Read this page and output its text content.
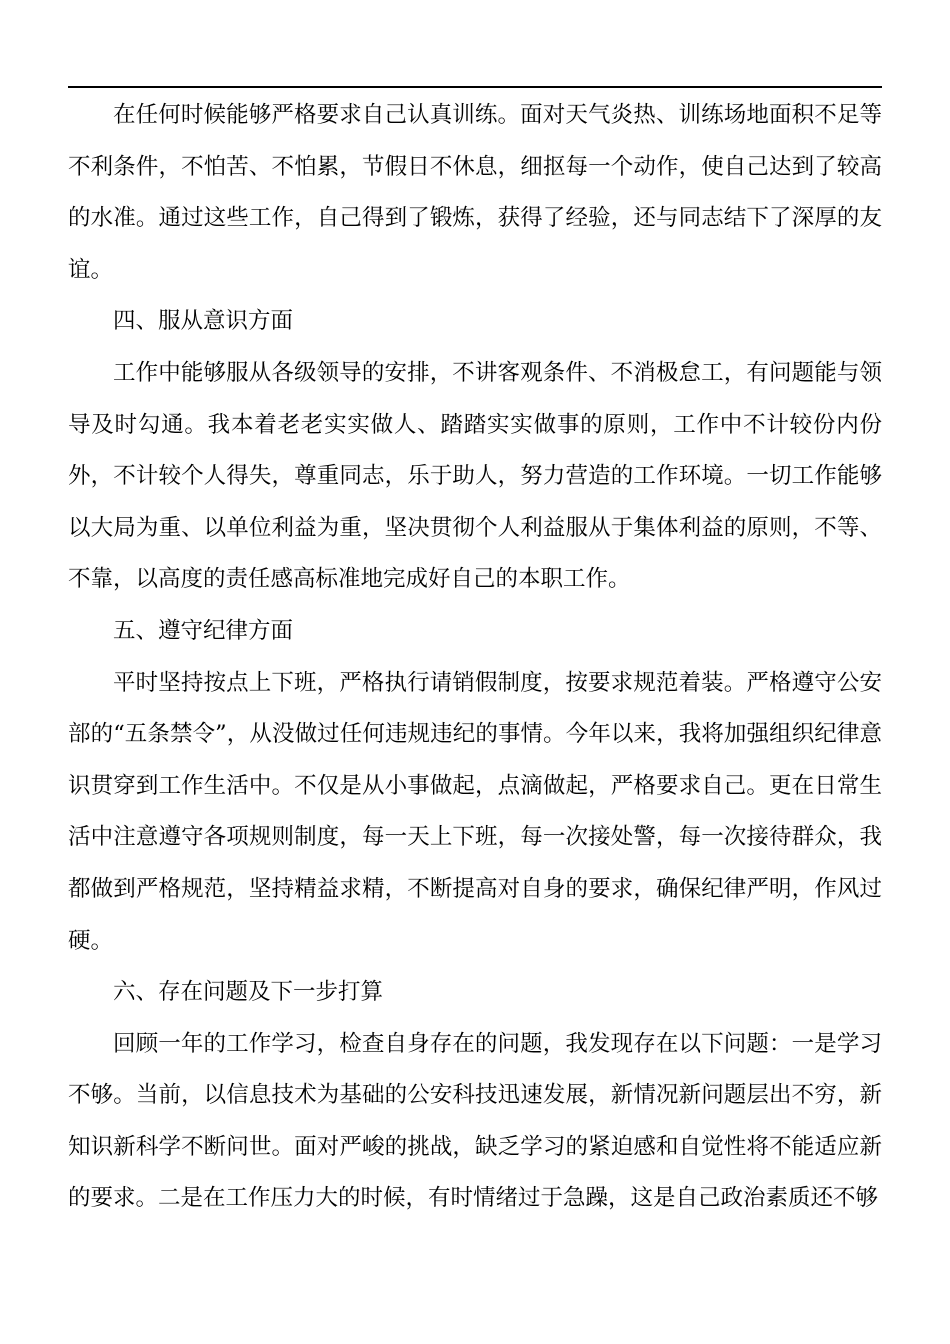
在任何时候能够严格要求自己认真训练。面对天气炎热、训练场地面积不足等不利条件，不怕苦、不怕累，节假日不休息，细抠每一个动作，使自己达到了较高的水准。通过这些工作，自己得到了锻炼，获得了经验，还与同志结下了深厚的友谊。

四、服从意识方面

工作中能够服从各级领导的安排，不讲客观条件、不消极怠工，有问题能与领导及时勾通。我本着老老实实做人、踏踏实实做事的原则，工作中不计较份内份外，不计较个人得失，尊重同志，乐于助人，努力营造的工作环境。一切工作能够以大局为重、以单位利益为重，坚决贯彻个人利益服从于集体利益的原则，不等、不靠，以高度的责任感高标准地完成好自己的本职工作。

五、遵守纪律方面

平时坚持按点上下班，严格执行请销假制度，按要求规范着装。严格遵守公安部的“五条禁令”，从没做过任何违规违纪的事情。今年以来，我将加强组织纪律意识贯穿到工作生活中。不仅是从小事做起，点滴做起，严格要求自己。更在日常生活中注意遵守各项规则制度，每一天上下班，每一次接处警，每一次接待群众，我都做到严格规范，坚持精益求精，不断提高对自身的要求，确保纪律严明，作风过硬。

六、存在问题及下一步打算

回顾一年的工作学习，检查自身存在的问题，我发现存在以下问题：一是学习不够。当前，以信息技术为基础的公安科技迅速发展，新情况新问题层出不穷，新知识新科学不断问世。面对严峻的挑战，缺乏学习的紧迫感和自觉性将不能适应新的要求。二是在工作压力大的时候，有时情绪过于急躁，这是自己政治素质还不够
